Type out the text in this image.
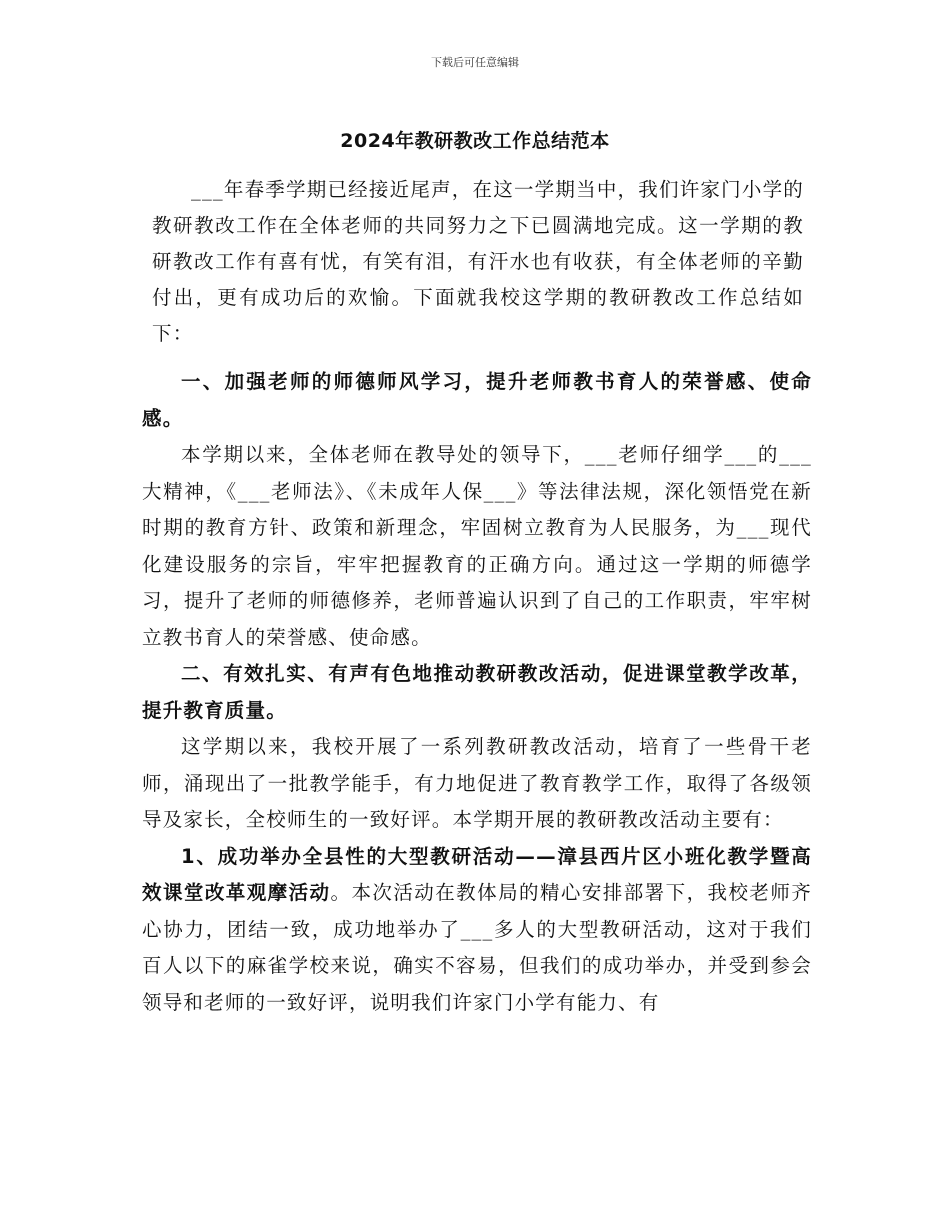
下载后可任意编辑
2024年教研教改工作总结范本
___年春季学期已经接近尾声，在这一学期当中，我们许家门小学的教研教改工作在全体老师的共同努力之下已圆满地完成。这一学期的教研教改工作有喜有忧，有笑有泪，有汗水也有收获，有全体老师的辛勤付出，更有成功后的欢愉。下面就我校这学期的教研教改工作总结如下：

一、加强老师的师德师风学习，提升老师教书育人的荣誉感、使命感。

本学期以来，全体老师在教导处的领导下，___老师仔细学___的___大精神，《___老师法》、《未成年人保___》等法律法规，深化领悟党在新时期的教育方针、政策和新理念，牢固树立教育为人民服务，为___现代化建设服务的宗旨，牢牢把握教育的正确方向。通过这一学期的师德学习，提升了老师的师德修养，老师普遍认识到了自己的工作职责，牢牢树立教书育人的荣誉感、使命感。

二、有效扎实、有声有色地推动教研教改活动，促进课堂教学改革，提升教育质量。

这学期以来，我校开展了一系列教研教改活动，培育了一些骨干老师，涌现出了一批教学能手，有力地促进了教育教学工作，取得了各级领导及家长，全校师生的一致好评。本学期开展的教研教改活动主要有：

1、成功举办全县性的大型教研活动——漳县西片区小班化教学暨高效课堂改革观摩活动。本次活动在教体局的精心安排部署下，我校老师齐心协力，团结一致，成功地举办了___多人的大型教研活动，这对于我们百人以下的麻雀学校来说，确实不容易，但我们的成功举办，并受到参会领导和老师的一致好评，说明我们许家门小学有能力、有
